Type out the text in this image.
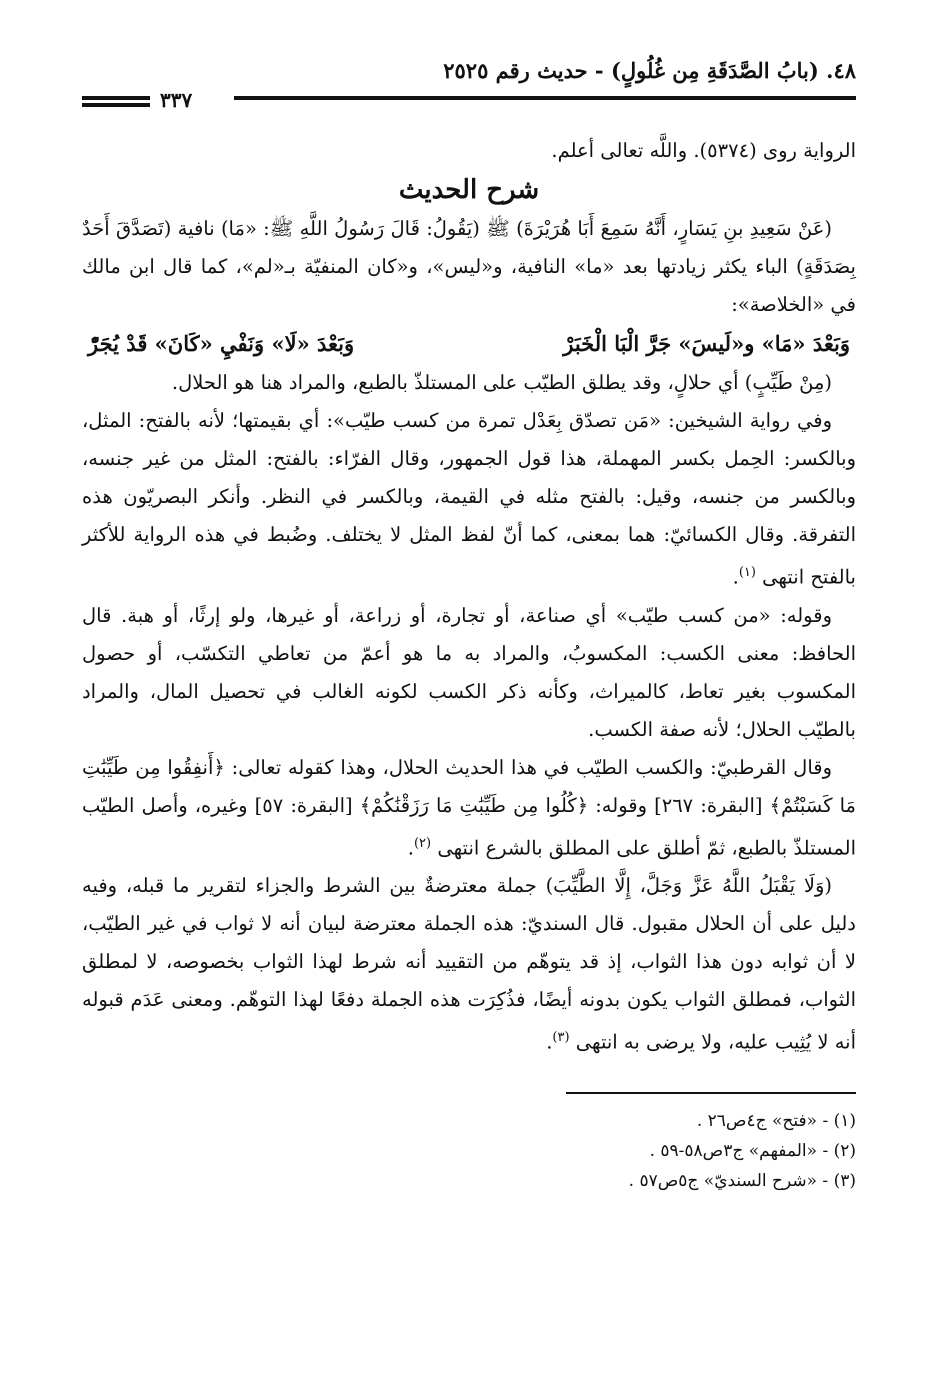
٤٨. (بابُ الصَّدَقَةِ مِن غُلُولٍ) - حديث رقم ٢٥٢٥
٣٣٧

الرواية روى (٥٣٧٤). واللَّه تعالى أعلم.

شرح الحديث

(عَنْ سَعِيدِ بنِ يَسَارٍ، أَنَّهُ سَمِعَ أَبَا هُرَيْرَةَ) ﷺ (يَقُولُ: قَالَ رَسُولُ اللَّهِ ﷺ: «مَا) نافية (تَصَدَّقَ أَحَدٌ بِصَدَقَةٍ) الباء يكثر زيادتها بعد «ما» النافية، و«ليس»، و«كان المنفيّة بـ«لم»، كما قال ابن مالك في «الخلاصة»:

وَبَعْدَ «مَا» و«لَيسَ» جَرَّ الْبَا الْخَبَرْ
وَبَعْدَ «لَا» وَنَفْيِ «كَانَ» قَدْ يُجَرّْ

(مِنْ طَيِّبٍ) أي حلالٍ، وقد يطلق الطيّب على المستلذّ بالطبع، والمراد هنا هو الحلال.

وفي رواية الشيخين: «مَن تصدّق بِعَدْل تمرة من كسب طيّب»: أي بقيمتها؛ لأنه بالفتح: المثل، وبالكسر: الحِمل بكسر المهملة، هذا قول الجمهور، وقال الفرّاء: بالفتح: المثل من غير جنسه، وبالكسر من جنسه، وقيل: بالفتح مثله في القيمة، وبالكسر في النظر. وأنكر البصريّون هذه التفرقة. وقال الكسائيّ: هما بمعنى، كما أنّ لفظ المثل لا يختلف. وضُبط في هذه الرواية للأكثر بالفتح انتهى $^{(١)}$.

وقوله: «من كسب طيّب» أي صناعة، أو تجارة، أو زراعة، أو غيرها، ولو إرثًا، أو هبة. قال الحافظ: معنى الكسب: المكسوبُ، والمراد به ما هو أعمّ من تعاطي التكسّب، أو حصول المكسوب بغير تعاط، كالميراث، وكأنه ذكر الكسب لكونه الغالب في تحصيل المال، والمراد بالطيّب الحلال؛ لأنه صفة الكسب.

وقال القرطبيّ: والكسب الطيّب في هذا الحديث الحلال، وهذا كقوله تعالى: ﴿أَنفِقُوا مِن طَيِّبَٰتِ مَا كَسَبْتُمْ﴾ [البقرة: ٢٦٧] وقوله: ﴿كُلُوا مِن طَيِّبَٰتِ مَا رَزَقْنَٰكُمْ﴾ [البقرة: ٥٧] وغيره، وأصل الطيّب المستلذّ بالطبع، ثمّ أطلق على المطلق بالشرع انتهى $^{(٢)}$.

(وَلَا يَقْبَلُ اللَّهُ عَزَّ وَجَلَّ، إِلَّا الطَّيِّبَ) جملة معترضةٌ بين الشرط والجزاء لتقرير ما قبله، وفيه دليل على أن الحلال مقبول. قال السنديّ: هذه الجملة معترضة لبيان أنه لا ثواب في غير الطيّب، لا أن ثوابه دون هذا الثواب، إذ قد يتوهّم من التقييد أنه شرط لهذا الثواب بخصوصه، لا لمطلق الثواب، فمطلق الثواب يكون بدونه أيضًا، فذُكِرَت هذه الجملة دفعًا لهذا التوهّم. ومعنى عَدَم قبوله أنه لا يُثِيب عليه، ولا يرضى به انتهى $^{(٣)}$.

(١) - «فتح» ج٤ص٢٦ .
(٢) - «المفهم» ج٣ص٥٨-٥٩ .
(٣) - «شرح السنديّ» ج٥ص٥٧ .
